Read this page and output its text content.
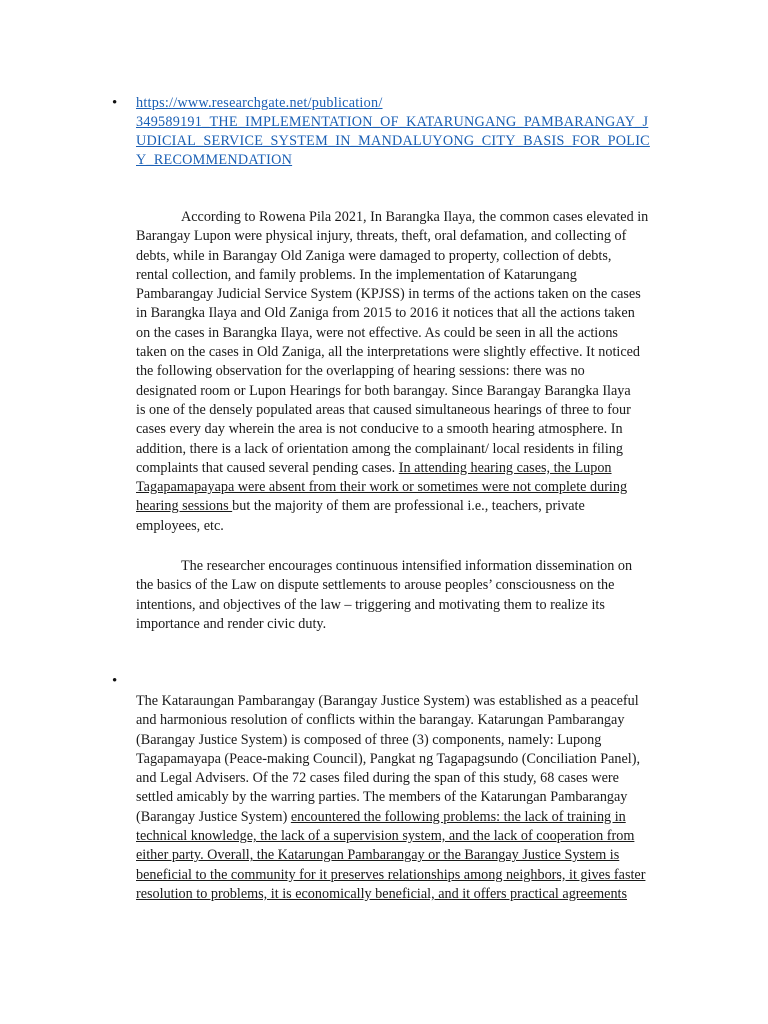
•	https://www.researchgate.net/publication/
349589191_THE_IMPLEMENTATION_OF_KATARUNGANG_PAMBARANGAY_J
UDICIAL_SERVICE_SYSTEM_IN_MANDALUYONG_CITY_BASIS_FOR_POLIC
Y_RECOMMENDATION
According to Rowena Pila 2021, In Barangka Ilaya, the common cases elevated in
Barangay Lupon were physical injury, threats, theft, oral defamation, and collecting of
debts, while in Barangay Old Zaniga were damaged to property, collection of debts,
rental collection, and family problems. In the implementation of Katarungang
Pambarangay Judicial Service System (KPJSS) in terms of the actions taken on the cases
in Barangka Ilaya and Old Zaniga from 2015 to 2016 it notices that all the actions taken
on the cases in Barangka Ilaya, were not effective. As could be seen in all the actions
taken on the cases in Old Zaniga, all the interpretations were slightly effective. It noticed
the following observation for the overlapping of hearing sessions: there was no
designated room or Lupon Hearings for both barangay. Since Barangay Barangka Ilaya
is one of the densely populated areas that caused simultaneous hearings of three to four
cases every day wherein the area is not conducive to a smooth hearing atmosphere. In
addition, there is a lack of orientation among the complainant/ local residents in filing
complaints that caused several pending cases. In attending hearing cases, the Lupon
Tagapamapayapa were absent from their work or sometimes were not complete during
hearing sessions but the majority of them are professional i.e., teachers, private
employees, etc.
The researcher encourages continuous intensified information dissemination on
the basics of the Law on dispute settlements to arouse peoples’ consciousness on the
intentions, and objectives of the law – triggering and motivating them to realize its
importance and render civic duty.
•
The Kataraungan Pambarangay (Barangay Justice System) was established as a peaceful
and harmonious resolution of conflicts within the barangay. Katarungan Pambarangay
(Barangay Justice System) is composed of three (3) components, namely: Lupong
Tagapamayapa (Peace-making Council), Pangkat ng Tagapagsundo (Conciliation Panel),
and Legal Advisers. Of the 72 cases filed during the span of this study, 68 cases were
settled amicably by the warring parties. The members of the Katarungan Pambarangay
(Barangay Justice System) encountered the following problems: the lack of training in
technical knowledge, the lack of a supervision system, and the lack of cooperation from
either party. Overall, the Katarungan Pambarangay or the Barangay Justice System is
beneficial to the community for it preserves relationships among neighbors, it gives faster
resolution to problems, it is economically beneficial, and it offers practical agreements
